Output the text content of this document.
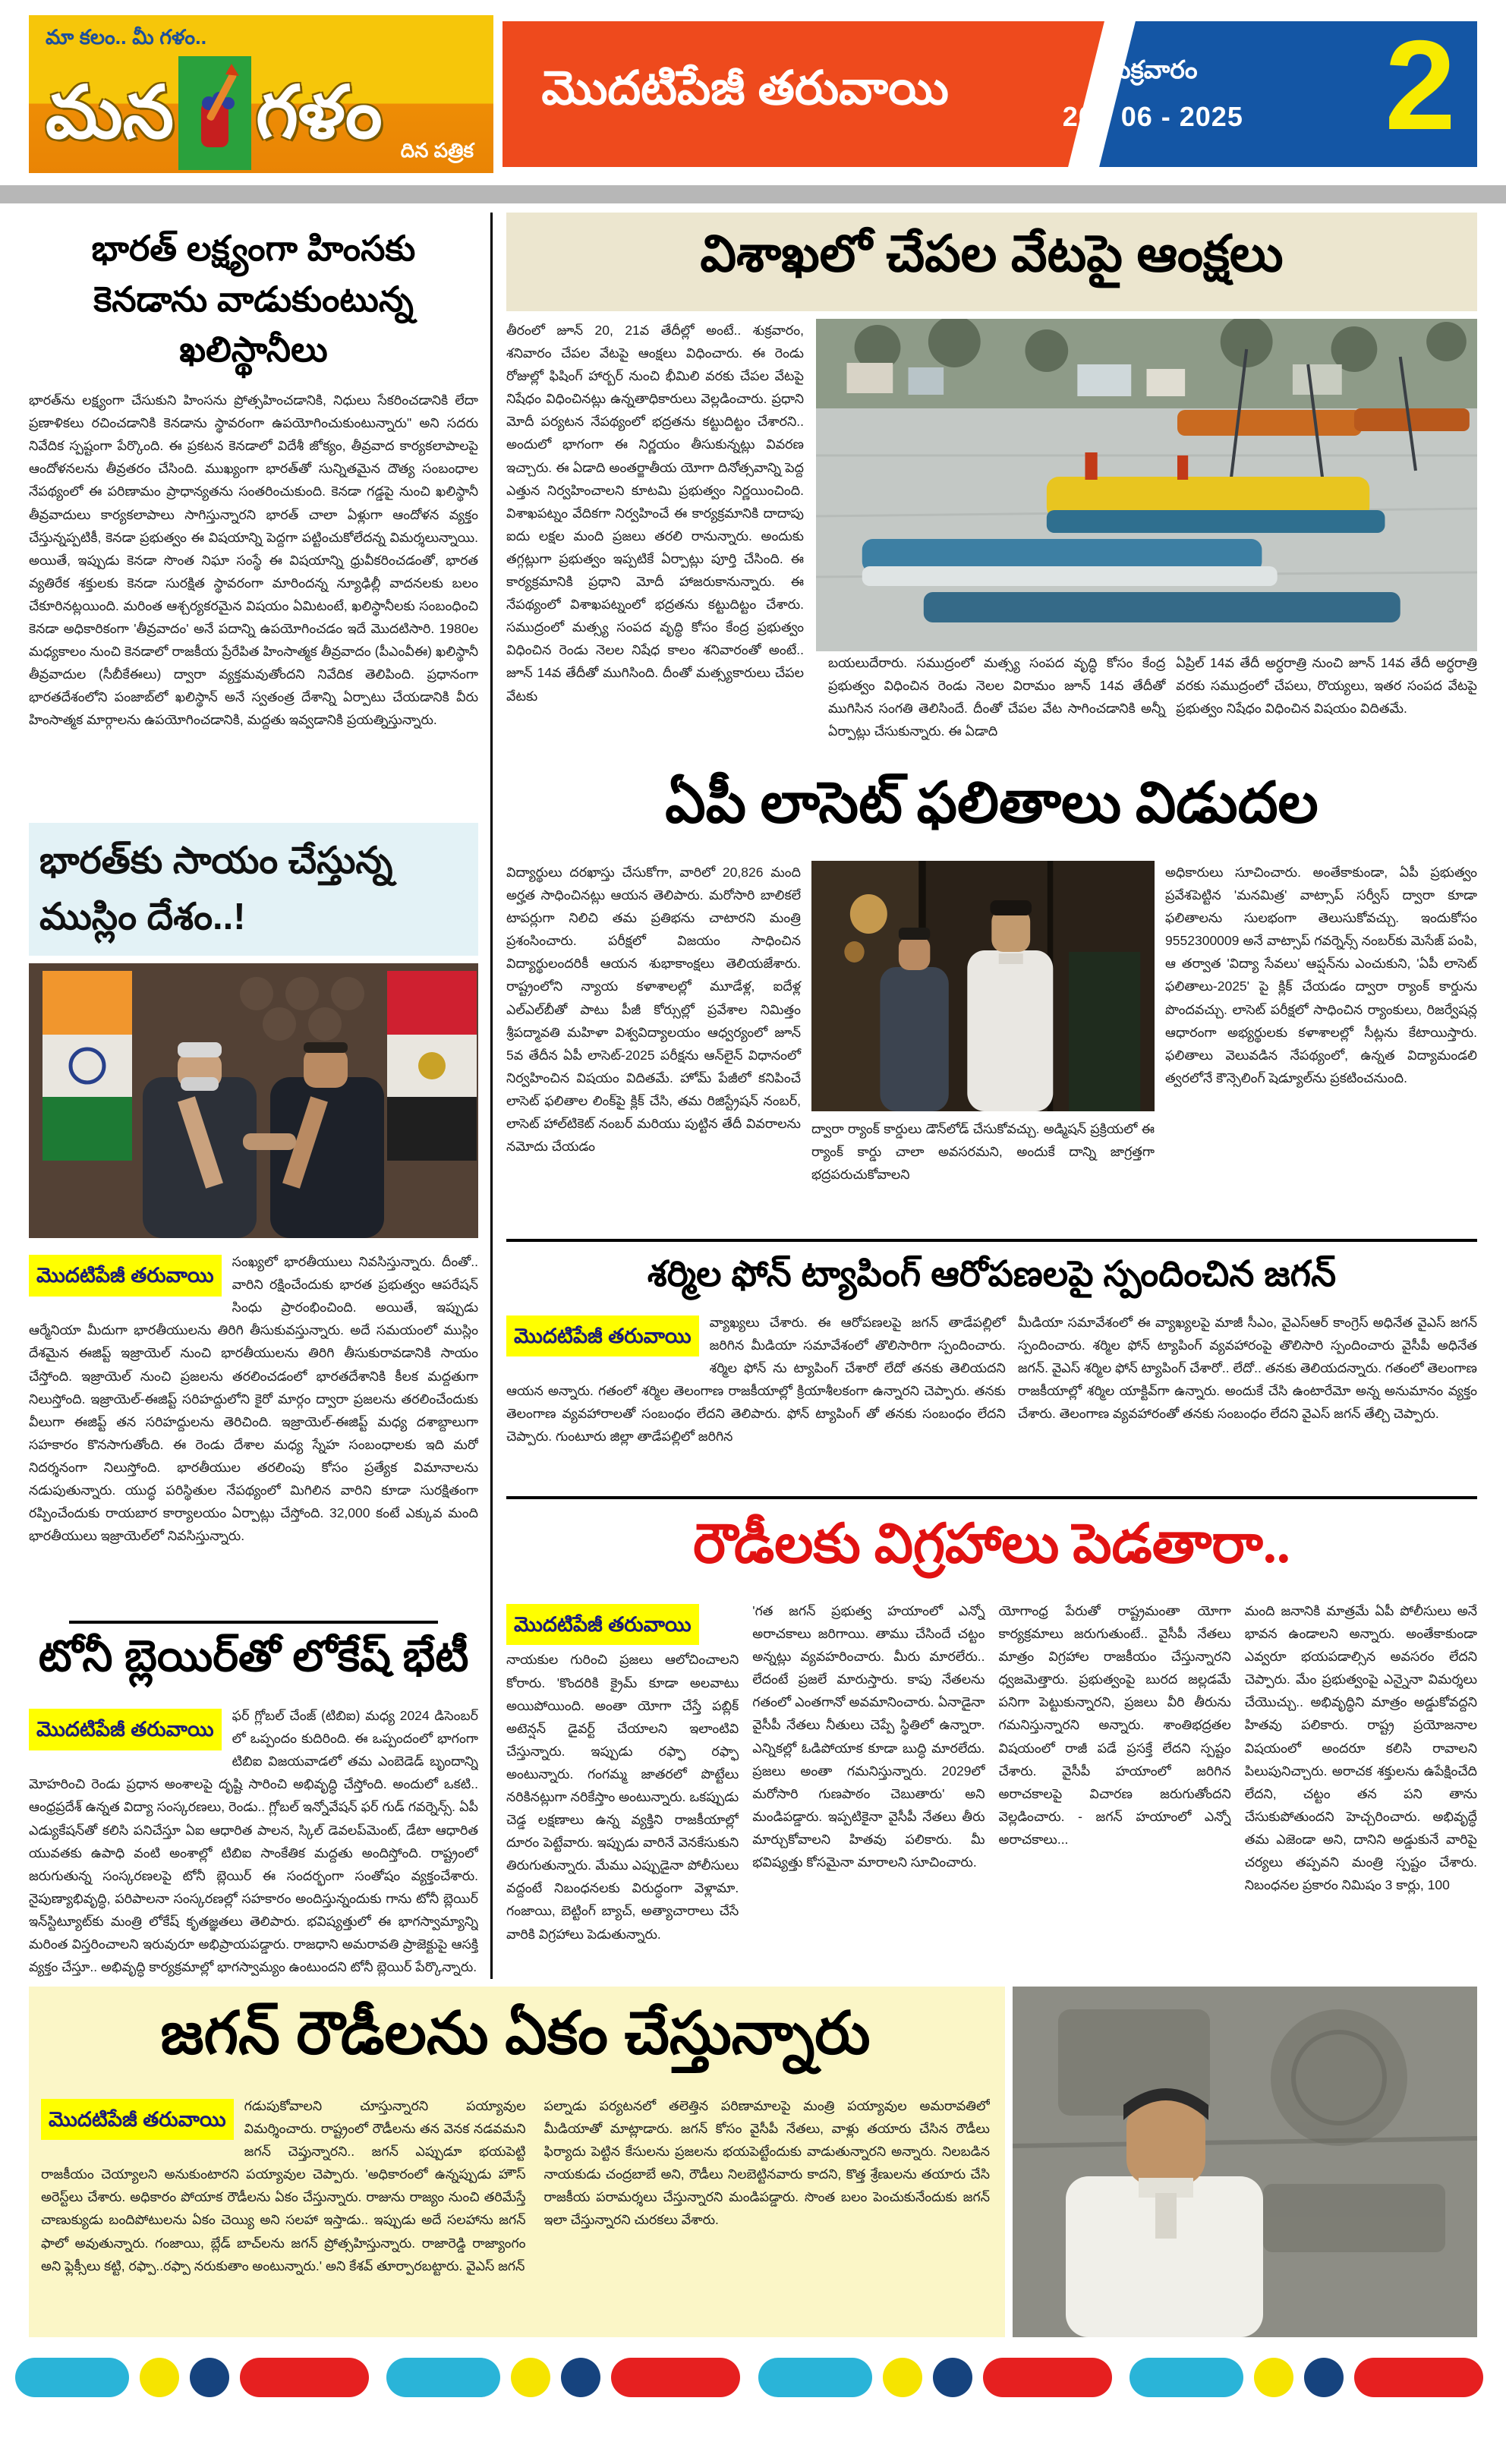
మా కలం.. మీ గళం..
మన గళం దిన పత్రిక
మొదటిపేజీ తరువాయి	శుక్రవారం
20 - 06 - 2025 2
భారత్ లక్ష్యంగా హింసకు కెనడాను వాడుకుంటున్న ఖలిస్థానీలు

భారత్‌ను లక్ష్యంగా చేసుకుని హింసను ప్రోత్సహించడానికి, నిధులు సేకరించడానికి లేదా ప్రణాళికలు రచించడానికి కెనడాను స్థావరంగా ఉపయోగించుకుంటున్నారు" అని సదరు నివేదిక స్పష్టంగా పేర్కొంది. ఈ ప్రకటన కెనడాలో విదేశీ జోక్యం, తీవ్రవాద కార్యకలాపాలపై ఆందోళనలను తీవ్రతరం చేసింది. ముఖ్యంగా భారత్‌తో సున్నితమైన దౌత్య సంబంధాల నేపథ్యంలో ఈ పరిణామం ప్రాధాన్యతను సంతరించుకుంది. కెనడా గడ్డపై నుంచి ఖలిస్థానీ తీవ్రవాదులు కార్యకలాపాలు సాగిస్తున్నారని భారత్ చాలా ఏళ్లుగా ఆందోళన వ్యక్తం చేస్తున్నప్పటికీ, కెనడా ప్రభుత్వం ఈ విషయాన్ని పెద్దగా పట్టించుకోలేదన్న విమర్శలున్నాయి. అయితే, ఇప్పుడు కెనడా సొంత నిఘా సంస్థే ఈ విషయాన్ని ధ్రువీకరించడంతో, భారత వ్యతిరేక శక్తులకు కెనడా సురక్షిత స్థావరంగా మారిందన్న న్యూఢిల్లీ వాదనలకు బలం చేకూరినట్లయింది. మరింత ఆశ్చర్యకరమైన విషయం ఏమిటంటే, ఖలిస్థానీలకు సంబంధించి కెనడా అధికారికంగా 'తీవ్రవాదం' అనే పదాన్ని ఉపయోగించడం ఇదే మొదటిసారి. 1980ల మధ్యకాలం నుంచి కెనడాలో రాజకీయ ప్రేరేపిత హింసాత్మక తీవ్రవాదం (పీఎంవీఈ) ఖలిస్థానీ తీవ్రవాదుల (సీబీకేఈలు) ద్వారా వ్యక్తమవుతోందని నివేదిక తెలిపింది. ప్రధానంగా భారతదేశంలోని పంజాబ్‌లో ఖలిస్థాన్ అనే స్వతంత్ర దేశాన్ని ఏర్పాటు చేయడానికి వీరు హింసాత్మక మార్గాలను ఉపయోగించడానికి, మద్దతు ఇవ్వడానికి ప్రయత్నిస్తున్నారు.

భారత్‌కు సాయం చేస్తున్న ముస్లిం దేశం..!

మొదటిపేజీ తరువాయి
సంఖ్యలో భారతీయులు నివసిస్తున్నారు. దీంతో.. వారిని రక్షించేందుకు భారత ప్రభుత్వం ఆపరేషన్ సింధు ప్రారంభించింది. అయితే, ఇప్పుడు ఆర్మేనియా మీదుగా భారతీయులను తిరిగి తీసుకువస్తున్నారు. అదే సమయంలో ముస్లిం దేశమైన ఈజిప్ట్ ఇజ్రాయెల్ నుంచి భారతీయులను తిరిగి తీసుకురావడానికి సాయం చేస్తోంది. ఇజ్రాయెల్ నుంచి ప్రజలను తరలించడంలో భారతదేశానికి కీలక మద్దతుగా నిలుస్తోంది. ఇజ్రాయెల్-ఈజిప్ట్ సరిహద్దులోని కైరో మార్గం ద్వారా ప్రజలను తరలించేందుకు వీలుగా ఈజిప్ట్ తన సరిహద్దులను తెరిచింది. ఇజ్రాయెల్-ఈజిప్ట్ మధ్య దశాబ్దాలుగా సహకారం కొనసాగుతోంది. ఈ రెండు దేశాల మధ్య స్నేహ సంబంధాలకు ఇది మరో నిదర్శనంగా నిలుస్తోంది. భారతీయుల తరలింపు కోసం ప్రత్యేక విమానాలను నడుపుతున్నారు. యుద్ధ పరిస్థితుల నేపథ్యంలో మిగిలిన వారిని కూడా సురక్షితంగా రప్పించేందుకు రాయబార కార్యాలయం ఏర్పాట్లు చేస్తోంది. 32,000 కంటే ఎక్కువ మంది భారతీయులు ఇజ్రాయెల్‌లో నివసిస్తున్నారు.

టోనీ బ్లెయిర్‌తో లోకేష్ భేటీ

మొదటిపేజీ తరువాయి
ఫర్ గ్లోబల్ చేంజ్ (టిబిఐ) మధ్య 2024 డిసెంబర్ లో ఒప్పందం కుదిరింది. ఈ ఒప్పందంలో భాగంగా టిబిఐ విజయవాడలో తమ ఎంబెడెడ్ బృందాన్ని మోహరించి రెండు ప్రధాన అంశాలపై దృష్టి సారించి అభివృద్ధి చేస్తోంది. అందులో ఒకటి.. ఆంధ్రప్రదేశ్ ఉన్నత విద్యా సంస్కరణలు, రెండు.. గ్లోబల్ ఇన్నోవేషన్ ఫర్ గుడ్ గవర్నెన్స్. ఏపీ ఎడ్యుకేషన్‌తో కలిసి పనిచేస్తూ ఏఐ ఆధారిత పాలన, స్కిల్ డెవలప్‌మెంట్, డేటా ఆధారిత యువతకు ఉపాధి వంటి అంశాల్లో టిబిఐ సాంకేతిక మద్దతు అందిస్తోంది. రాష్ట్రంలో జరుగుతున్న సంస్కరణలపై టోనీ బ్లెయిర్ ఈ సందర్భంగా సంతోషం వ్యక్తంచేశారు. నైపుణ్యాభివృద్ధి, పరిపాలనా సంస్కరణల్లో సహకారం అందిస్తున్నందుకు గాను టోనీ బ్లెయిర్ ఇన్‌స్టిట్యూట్‌కు మంత్రి లోకేష్ కృతజ్ఞతలు తెలిపారు. భవిష్యత్తులో ఈ భాగస్వామ్యాన్ని మరింత విస్తరించాలని ఇరువురూ అభిప్రాయపడ్డారు. రాజధాని అమరావతి ప్రాజెక్టుపై ఆసక్తి వ్యక్తం చేస్తూ.. అభివృద్ధి కార్యక్రమాల్లో భాగస్వామ్యం ఉంటుందని టోనీ బ్లెయిర్ పేర్కొన్నారు.

విశాఖలో చేపల వేటపై ఆంక్షలు

తీరంలో జూన్ 20, 21వ తేదీల్లో అంటే.. శుక్రవారం, శనివారం చేపల వేటపై ఆంక్షలు విధించారు. ఈ రెండు రోజుల్లో ఫిషింగ్ హార్బర్ నుంచి భీమిలి వరకు చేపల వేటపై నిషేధం విధించినట్లు ఉన్నతాధికారులు వెల్లడించారు. ప్రధాని మోదీ పర్యటన నేపథ్యంలో భద్రతను కట్టుదిట్టం చేశారని.. అందులో భాగంగా ఈ నిర్ణయం తీసుకున్నట్లు వివరణ ఇచ్చారు. ఈ ఏడాది అంతర్జాతీయ యోగా దినోత్సవాన్ని పెద్ద ఎత్తున నిర్వహించాలని కూటమి ప్రభుత్వం నిర్ణయించింది. విశాఖపట్నం వేదికగా నిర్వహించే ఈ కార్యక్రమానికి దాదాపు ఐదు లక్షల మంది ప్రజలు తరలి రానున్నారు. అందుకు తగ్గట్లుగా ప్రభుత్వం ఇప్పటికే ఏర్పాట్లు పూర్తి చేసింది. ఈ కార్యక్రమానికి ప్రధాని మోదీ హాజరుకానున్నారు. ఈ నేపథ్యంలో విశాఖపట్నంలో భద్రతను కట్టుదిట్టం చేశారు. సముద్రంలో మత్స్య సంపద వృద్ధి కోసం కేంద్ర ప్రభుత్వం విధించిన రెండు నెలల నిషేధ కాలం శనివారంతో అంటే.. జూన్ 14వ తేదీతో ముగిసింది. దీంతో మత్స్యకారులు చేపల వేటకు

బయలుదేరారు. సముద్రంలో మత్స్య సంపద వృద్ధి కోసం కేంద్ర ప్రభుత్వం విధించిన రెండు నెలల విరామం జూన్ 14వ తేదీతో ముగిసిన సంగతి తెలిసిందే. దీంతో చేపల వేట సాగించడానికి అన్నీ ఏర్పాట్లు చేసుకున్నారు. ఈ ఏడాది

ఏప్రిల్ 14వ తేదీ అర్ధరాత్రి నుంచి జూన్ 14వ తేదీ అర్ధరాత్రి వరకు సముద్రంలో చేపలు, రొయ్యలు, ఇతర సంపద వేటపై ప్రభుత్వం నిషేధం విధించిన విషయం విదితమే.

ఏపీ లాసెట్ ఫలితాలు విడుదల

విద్యార్థులు దరఖాస్తు చేసుకోగా, వారిలో 20,826 మంది అర్హత సాధించినట్లు ఆయన తెలిపారు. మరోసారి బాలికలే టాపర్లుగా నిలిచి తమ ప్రతిభను చాటారని మంత్రి ప్రశంసించారు. పరీక్షలో విజయం సాధించిన విద్యార్థులందరికీ ఆయన శుభాకాంక్షలు తెలియజేశారు. రాష్ట్రంలోని న్యాయ కళాశాలల్లో మూడేళ్ల, ఐదేళ్ల ఎల్ఎల్‌బీతో పాటు పీజీ కోర్సుల్లో ప్రవేశాల నిమిత్తం శ్రీపద్మావతి మహిళా విశ్వవిద్యాలయం ఆధ్వర్యంలో జూన్ 5వ తేదీన ఏపీ లాసెట్-2025 పరీక్షను ఆన్‌లైన్ విధానంలో నిర్వహించిన విషయం విదితమే. హోమ్ పేజీలో కనిపించే లాసెట్ ఫలితాల లింక్‌పై క్లిక్ చేసి, తమ రిజిస్ట్రేషన్ నంబర్, లాసెట్ హాల్‌టికెట్ నంబర్ మరియు పుట్టిన తేదీ వివరాలను నమోదు చేయడం

ద్వారా ర్యాంక్ కార్డులు డౌన్‌లోడ్ చేసుకోవచ్చు. అడ్మిషన్ ప్రక్రియలో ఈ ర్యాంక్ కార్డు చాలా అవసరమని, అందుకే దాన్ని జాగ్రత్తగా భద్రపరుచుకోవాలని

అధికారులు సూచించారు. అంతేకాకుండా, ఏపీ ప్రభుత్వం ప్రవేశపెట్టిన 'మనమిత్ర' వాట్సాప్ సర్వీస్ ద్వారా కూడా ఫలితాలను సులభంగా తెలుసుకోవచ్చు. ఇందుకోసం 9552300009 అనే వాట్సాప్ గవర్నెన్స్ నంబర్‌కు మెసేజ్ పంపి, ఆ తర్వాత 'విద్యా సేవలు' ఆప్షన్‌ను ఎంచుకుని, 'ఏపీ లాసెట్ ఫలితాలు-2025' పై క్లిక్ చేయడం ద్వారా ర్యాంక్ కార్డును పొందవచ్చు. లాసెట్ పరీక్షలో సాధించిన ర్యాంకులు, రిజర్వేషన్ల ఆధారంగా అభ్యర్థులకు కళాశాలల్లో సీట్లను కేటాయిస్తారు. ఫలితాలు వెలువడిన నేపథ్యంలో, ఉన్నత విద్యామండలి త్వరలోనే కౌన్సెలింగ్ షెడ్యూల్‌ను ప్రకటించనుంది.

శర్మిల ఫోన్ ట్యాపింగ్ ఆరోపణలపై స్పందించిన జగన్

మొదటిపేజీ తరువాయి
వ్యాఖ్యలు చేశారు. ఈ ఆరోపణలపై జగన్ తాడేపల్లిలో జరిగిన మీడియా సమావేశంలో తొలిసారిగా స్పందించారు. శర్మిల ఫోన్ ను ట్యాపింగ్ చేశారో లేదో తనకు తెలియదని ఆయన అన్నారు. గతంలో శర్మిల తెలంగాణ రాజకీయాల్లో క్రియాశీలకంగా ఉన్నారని చెప్పారు. తనకు తెలంగాణ వ్యవహారాలతో సంబంధం లేదని తెలిపారు. ఫోన్ ట్యాపింగ్ తో తనకు సంబంధం లేదని చెప్పారు. గుంటూరు జిల్లా తాడేపల్లిలో జరిగిన

మీడియా సమావేశంలో ఈ వ్యాఖ్యలపై మాజీ సీఎం, వైఎస్ఆర్ కాంగ్రెస్ అధినేత వైఎస్ జగన్ స్పందించారు. శర్మిల ఫోన్ ట్యాపింగ్ వ్యవహారంపై తొలిసారి స్పందించారు వైసీపీ అధినేత జగన్. వైఎస్ శర్మిల ఫోన్ ట్యాపింగ్ చేశారో.. లేదో.. తనకు తెలియదన్నారు. గతంలో తెలంగాణ రాజకీయాల్లో శర్మిల యాక్టివ్‌గా ఉన్నారు. అందుకే చేసి ఉంటారేమో అన్న అనుమానం వ్యక్తం చేశారు. తెలంగాణ వ్యవహారంతో తనకు సంబంధం లేదని వైఎస్ జగన్ తేల్చి చెప్పారు.

రౌడీలకు విగ్రహాలు పెడతారా..

మొదటిపేజీ తరువాయి
నాయకుల గురించి ప్రజలు ఆలోచించాలని కోరారు. 'కొందరికి క్రైమ్ కూడా అలవాటు అయిపోయింది. అంతా యోగా చేస్తే పబ్లిక్ అటెన్షన్ డైవర్ట్ చేయాలని ఇలాంటివి చేస్తున్నారు. ఇప్పుడు రఫ్ఫా రఫ్ఫా అంటున్నారు. గంగమ్మ జాతరలో పొట్టేలు నరికినట్లుగా నరికేస్తాం అంటున్నారు. ఒకప్పుడు చెడ్డ లక్షణాలు ఉన్న వ్యక్తిని రాజకీయాల్లో దూరం పెట్టేవారు. ఇప్పుడు వారినే వెనకేసుకుని తిరుగుతున్నారు. మేము ఎప్పుడైనా పోలీసులు వద్దంటే నిబంధనలకు విరుద్ధంగా వెళ్లామా. గంజాయి, బెట్టింగ్ బ్యాచ్, అత్యాచారాలు చేసే వారికి విగ్రహాలు పెడుతున్నారు.

'గత జగన్ ప్రభుత్వ హయాంలో ఎన్నో అరాచకాలు జరిగాయి. తాము చేసిందే చట్టం అన్నట్లు వ్యవహరించారు. మీరు మారలేరు.. లేదంటే ప్రజలే మారుస్తారు. కాపు నేతలను గతంలో ఎంతగానో అవమానించారు. ఏనాడైనా వైసీపీ నేతలు నీతులు చెప్పే స్థితిలో ఉన్నారా. ఎన్నికల్లో ఓడిపోయాక కూడా బుద్ధి మారలేదు. ప్రజలు అంతా గమనిస్తున్నారు. 2029లో మరోసారి గుణపాఠం చెబుతారు' అని మండిపడ్డారు. ఇప్పటికైనా వైసీపీ నేతలు తీరు మార్చుకోవాలని హితవు పలికారు. మీ భవిష్యత్తు కోసమైనా మారాలని సూచించారు.

యోగాంధ్ర పేరుతో రాష్ట్రమంతా యోగా కార్యక్రమాలు జరుగుతుంటే.. వైసీపీ నేతలు మాత్రం విగ్రహాల రాజకీయం చేస్తున్నారని ధ్వజమెత్తారు. ప్రభుత్వంపై బురద జల్లడమే పనిగా పెట్టుకున్నారని, ప్రజలు వీరి తీరును గమనిస్తున్నారని అన్నారు. శాంతిభద్రతల విషయంలో రాజీ పడే ప్రసక్తే లేదని స్పష్టం చేశారు. వైసీపీ హయాంలో జరిగిన అరాచకాలపై విచారణ జరుగుతోందని వెల్లడించారు. - జగన్ హయాంలో ఎన్నో అరాచకాలు...

మంది జనానికి మాత్రమే ఏపీ పోలీసులు అనే భావన ఉండాలని అన్నారు. అంతేకాకుండా ఎవ్వరూ భయపడాల్సిన అవసరం లేదని చెప్పారు. మేం ప్రభుత్వంపై ఎన్నైనా విమర్శలు చేయొచ్చు.. అభివృద్ధిని మాత్రం అడ్డుకోవద్దని హితవు పలికారు. రాష్ట్ర ప్రయోజనాల విషయంలో అందరూ కలిసి రావాలని పిలుపునిచ్చారు. అరాచక శక్తులను ఉపేక్షించేది లేదని, చట్టం తన పని తాను చేసుకుపోతుందని హెచ్చరించారు. అభివృద్ధే తమ ఎజెండా అని, దానిని అడ్డుకునే వారిపై చర్యలు తప్పవని మంత్రి స్పష్టం చేశారు. నిబంధనల ప్రకారం నిమిషం 3 కార్లు, 100

జగన్ రౌడీలను ఏకం చేస్తున్నారు

మొదటిపేజీ తరువాయి
గడుపుకోవాలని చూస్తున్నారని పయ్యావుల విమర్శించారు. రాష్ట్రంలో రౌడీలను తన వెనక నడవమని జగన్ చెప్తున్నారని.. జగన్ ఎప్పుడూ భయపెట్టి రాజకీయం చెయ్యాలని అనుకుంటారని పయ్యావుల చెప్పారు. 'అధికారంలో ఉన్నప్పుడు హౌస్ అరెస్ట్‌లు చేశారు. అధికారం పోయాక రౌడీలను ఏకం చేస్తున్నారు. రాజును రాజ్యం నుంచి తరిమేస్తే చాణుక్యుడు బందిపోటులను ఏకం చెయ్యి అని సలహా ఇస్తాడు.. ఇప్పుడు అదే సలహాను జగన్ ఫాలో అవుతున్నారు. గంజాయి, బ్లేడ్ బాచ్‌లను జగన్ ప్రోత్సహిస్తున్నారు. రాజారెడ్డి రాజ్యాంగం అని ఫ్లెక్సీలు కట్టి, రఫ్పా..రఫ్పా నరుకుతాం అంటున్నారు.' అని కేశవ్ తూర్పారబట్టారు. వైఎస్ జగన్

పల్నాడు పర్యటనలో తలెత్తిన పరిణామాలపై మంత్రి పయ్యావుల అమరావతిలో మీడియాతో మాట్లాడారు. జగన్ కోసం వైసీపీ నేతలు, వాళ్లు తయారు చేసిన రౌడీలు ఫిర్యాదు పెట్టిన కేసులను ప్రజలను భయపెట్టేందుకు వాడుతున్నారని అన్నారు. నిలబడిన నాయకుడు చంద్రబాబే అని, రౌడీలు నిలబెట్టినవారు కాదని, కొత్త శ్రేణులను తయారు చేసి రాజకీయ పరామర్శలు చేస్తున్నారని మండిపడ్డారు. సొంత బలం పెంచుకునేందుకు జగన్ ఇలా చేస్తున్నారని చురకలు వేశారు.
